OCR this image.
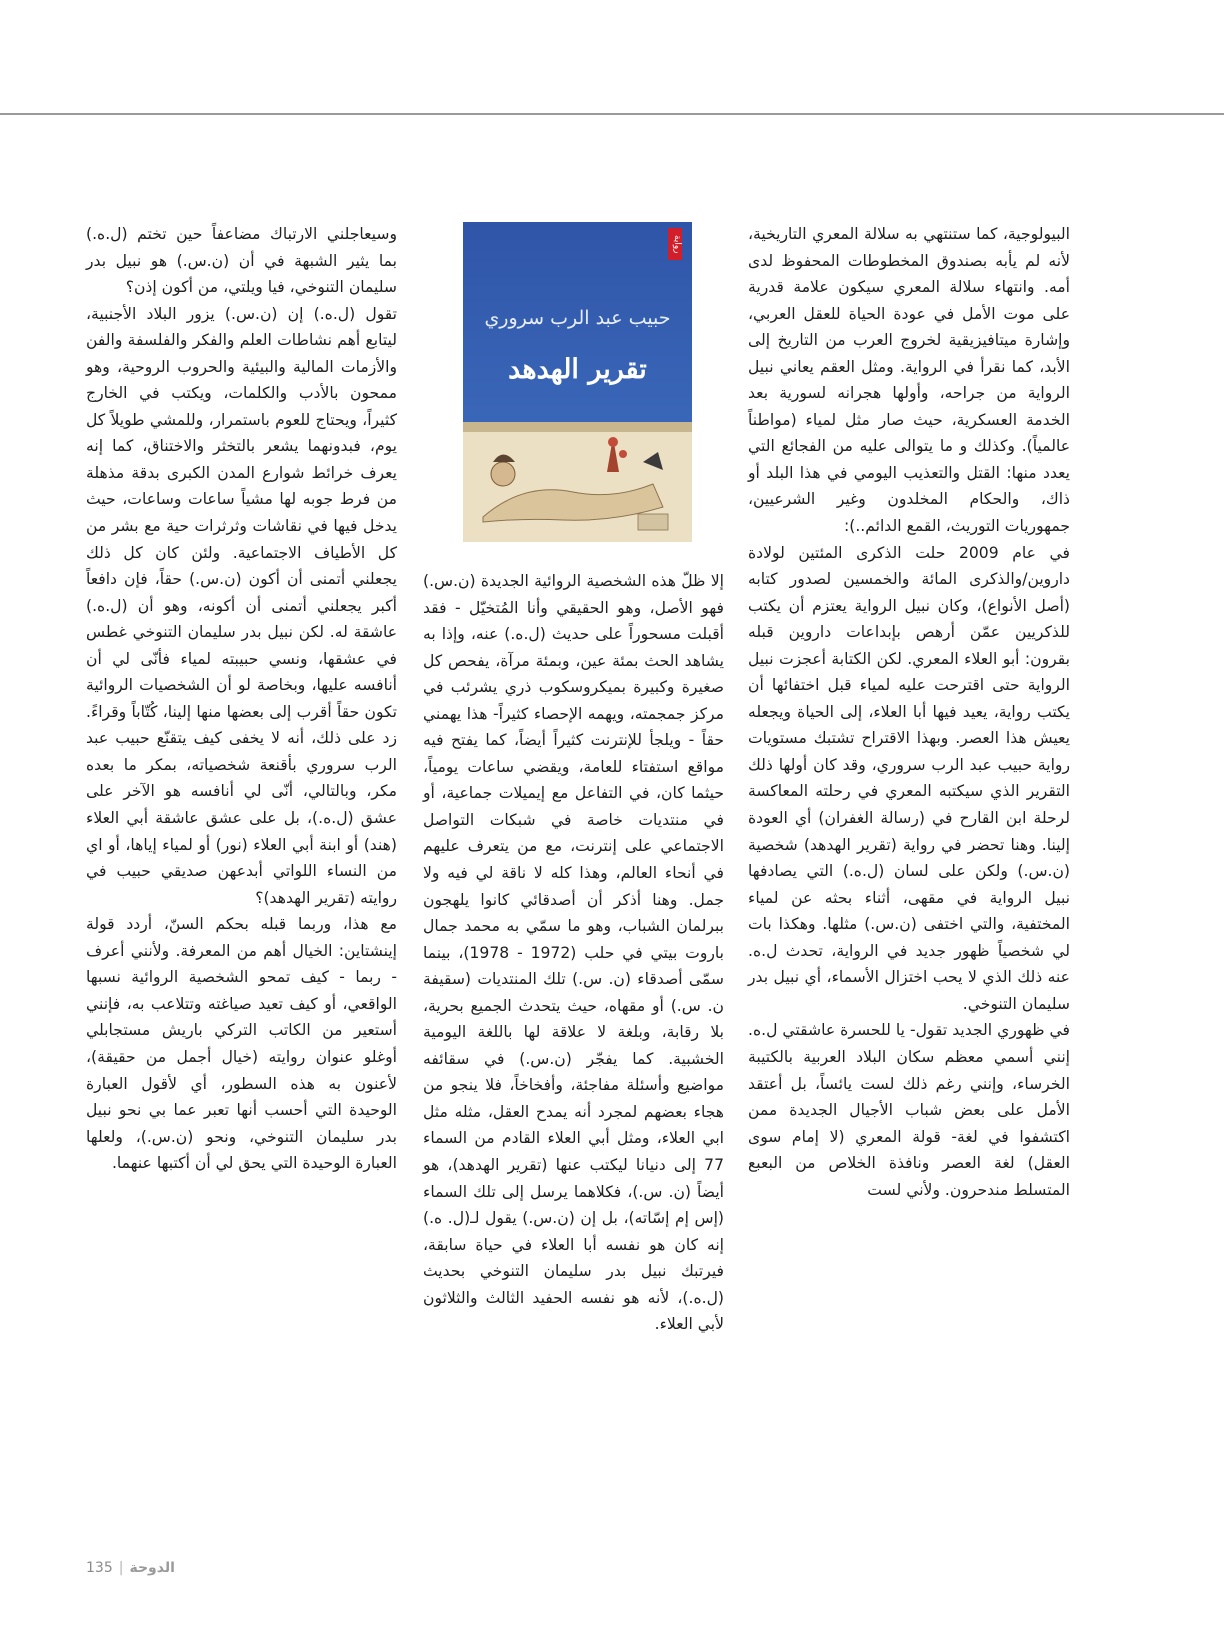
البيولوجية، كما ستنتهي به سلالة المعري التاريخية، لأنه لم يأبه بصندوق المخطوطات المحفوظ لدى أمه. وانتهاء سلالة المعري سيكون علامة قدرية على موت الأمل في عودة الحياة للعقل العربي، وإشارة ميتافيزيقية لخروج العرب من التاريخ إلى الأبد، كما نقرأ في الرواية. ومثل العقم يعاني نبيل الرواية من جراحه، وأولها هجرانه لسورية بعد الخدمة العسكرية، حيث صار مثل لمياء (مواطناً عالمياً). وكذلك و ما يتوالى عليه من الفجائع التي يعدد منها: القتل والتعذيب اليومي في هذا البلد أو ذاك، والحكام المخلدون وغير الشرعيين، جمهوريات التوريث، القمع الدائم..):

في عام 2009 حلت الذكرى المئتين لولادة داروين/والذكرى المائة والخمسين لصدور كتابه (أصل الأنواع)، وكان نبيل الرواية يعتزم أن يكتب للذكريين عمّن أرهص بإبداعات داروين قبله بقرون: أبو العلاء المعري. لكن الكتابة أعجزت نبيل الرواية حتى اقترحت عليه لمياء قبل اختفائها أن يكتب رواية، يعيد فيها أبا العلاء، إلى الحياة ويجعله يعيش هذا العصر. وبهذا الاقتراح تشتبك مستويات رواية حبيب عبد الرب سروري، وقد كان أولها ذلك التقرير الذي سيكتبه المعري في رحلته المعاكسة لرحلة ابن القارح في (رسالة الغفران) أي العودة إلينا. وهنا تحضر في رواية (تقرير الهدهد) شخصية (ن.س.) ولكن على لسان (ل.ه.) التي يصادفها نبيل الرواية في مقهى، أثناء بحثه عن لمياء المختفية، والتي اختفى (ن.س.) مثلها. وهكذا بات لي شخصياً ظهور جديد في الرواية، تحدث ل.ه. عنه ذلك الذي لا يحب اختزال الأسماء، أي نبيل بدر سليمان التنوخي.

في ظهوري الجديد تقول- يا للحسرة عاشقتي ل.ه. إنني أسمي معظم سكان البلاد العربية بالكتيبة الخرساء، وإنني رغم ذلك لست يائساً، بل أعتقد الأمل على بعض شباب الأجيال الجديدة ممن اكتشفوا في لغة- قولة المعري (لا إمام سوى العقل) لغة العصر ونافذة الخلاص من البعبع المتسلط مندحرون. ولأني لست

رواية
حبيب عبد الرب سروري
تقرير الهدهد

إلا ظلّ هذه الشخصية الروائية الجديدة (ن.س.) فهو الأصل، وهو الحقيقي وأنا المُتخيّل - فقد أقبلت مسحوراً على حديث (ل.ه.) عنه، وإذا به يشاهد الحث بمئة عين، وبمئة مرآة، يفحص كل صغيرة وكبيرة بميكروسكوب ذري يشرئب في مركز جمجمته، ويهمه الإحصاء كثيراً- هذا يهمني حقاً - ويلجأ للإنترنت كثيراً أيضاً، كما يفتح فيه مواقع استفتاء للعامة، ويقضي ساعات يومياً، حيثما كان، في التفاعل مع إيميلات جماعية، أو في منتديات خاصة في شبكات التواصل الاجتماعي على إنترنت، مع من يتعرف عليهم في أنحاء العالم، وهذا كله لا ناقة لي فيه ولا جمل. وهنا أذكر أن أصدقائي كانوا يلهجون ببرلمان الشباب، وهو ما سمّي به محمد جمال باروت بيتي في حلب (1972 - 1978)، بينما سمّى أصدقاء (ن. س.) تلك المنتديات (سقيفة ن. س.) أو مقهاه، حيث يتحدث الجميع بحرية، بلا رقابة، وبلغة لا علاقة لها باللغة اليومية الخشبية. كما يفجّر (ن.س.) في سقائفه مواضيع وأسئلة مفاجئة، وأفخاخاً، فلا ينجو من هجاء بعضهم لمجرد أنه يمدح العقل، مثله مثل ابي العلاء، ومثل أبي العلاء القادم من السماء 77 إلى دنيانا ليكتب عنها (تقرير الهدهد)، هو أيضاً (ن. س.)، فكلاهما يرسل إلى تلك السماء (إس إم إسّاته)، بل إن (ن.س.) يقول لـ(ل. ه.) إنه كان هو نفسه أبا العلاء في حياة سابقة، فيرتبك نبيل بدر سليمان التنوخي بحديث (ل.ه.)، لأنه هو نفسه الحفيد الثالث والثلاثون لأبي العلاء.

وسيعاجلني الارتباك مضاعفاً حين تختم (ل.ه.) بما يثير الشبهة في أن (ن.س.) هو نبيل بدر سليمان التنوخي، فيا ويلتي، من أكون إذن؟

تقول (ل.ه.) إن (ن.س.) يزور البلاد الأجنبية، ليتابع أهم نشاطات العلم والفكر والفلسفة والفن والأزمات المالية والبيئية والحروب الروحية، وهو ممحون بالأدب والكلمات، ويكتب في الخارج كثيراً، ويحتاج للعوم باستمرار، وللمشي طويلاً كل يوم، فبدونهما يشعر بالتخثر والاختناق، كما إنه يعرف خرائط شوارع المدن الكبرى بدقة مذهلة من فرط جوبه لها مشياً ساعات وساعات، حيث يدخل فيها في نقاشات وثرثرات حية مع بشر من كل الأطياف الاجتماعية. ولئن كان كل ذلك يجعلني أتمنى أن أكون (ن.س.) حقاً، فإن دافعاً أكبر يجعلني أتمنى أن أكونه، وهو أن (ل.ه.) عاشقة له. لكن نبيل بدر سليمان التنوخي غطس في عشقها، ونسي حبيبته لمياء فأنّى لي أن أنافسه عليها، وبخاصة لو أن الشخصيات الروائية تكون حقاً أقرب إلى بعضها منها إلينا، كُتّاباً وقراءً. زد على ذلك، أنه لا يخفى كيف يتقنّع حبيب عبد الرب سروري بأقنعة شخصياته، بمكر ما بعده مكر، وبالتالي، أنّى لي أنافسه هو الآخر على عشق (ل.ه.)، بل على عشق عاشقة أبي العلاء (هند) أو ابنة أبي العلاء (نور) أو لمياء إياها، أو اي من النساء اللواتي أبدعهن صديقي حبيب في روايته (تقرير الهدهد)؟

مع هذا، وربما قبله بحكم السنّ، أردد قولة إينشتاين: الخيال أهم من المعرفة. ولأنني أعرف - ربما - كيف تمحو الشخصية الروائية نسبها الواقعي، أو كيف تعيد صياغته وتتلاعب به، فإنني أستعير من الكاتب التركي باريش مستجابلي أوغلو عنوان روايته (خيال أجمل من حقيقة)، لأعنون به هذه السطور، أي لأقول العبارة الوحيدة التي أحسب أنها تعبر عما بي نحو نبيل بدر سليمان التنوخي، ونحو (ن.س.)، ولعلها العبارة الوحيدة التي يحق لي أن أكتبها عنهما.

135 | الدوحة
